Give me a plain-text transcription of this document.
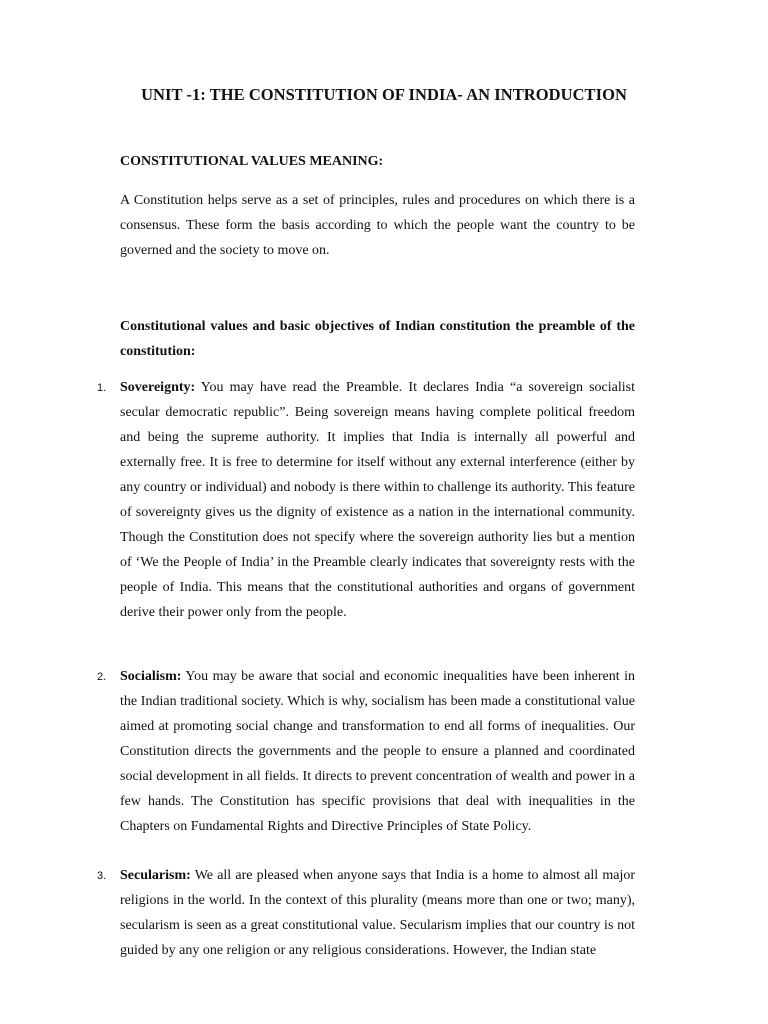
UNIT -1: THE CONSTITUTION OF INDIA- AN INTRODUCTION
CONSTITUTIONAL VALUES MEANING:

A Constitution helps serve as a set of principles, rules and procedures on which there is a consensus. These form the basis according to which the people want the country to be governed and the society to move on.

Constitutional values and basic objectives of Indian constitution the preamble of the constitution:

1. Sovereignty: You may have read the Preamble. It declares India “a sovereign socialist secular democratic republic”. Being sovereign means having complete political freedom and being the supreme authority. It implies that India is internally all powerful and externally free. It is free to determine for itself without any external interference (either by any country or individual) and nobody is there within to challenge its authority. This feature of sovereignty gives us the dignity of existence as a nation in the international community. Though the Constitution does not specify where the sovereign authority lies but a mention of ‘We the People of India’ in the Preamble clearly indicates that sovereignty rests with the people of India. This means that the constitutional authorities and organs of government derive their power only from the people.

2. Socialism: You may be aware that social and economic inequalities have been inherent in the Indian traditional society. Which is why, socialism has been made a constitutional value aimed at promoting social change and transformation to end all forms of inequalities. Our Constitution directs the governments and the people to ensure a planned and coordinated social development in all fields. It directs to prevent concentration of wealth and power in a few hands. The Constitution has specific provisions that deal with inequalities in the Chapters on Fundamental Rights and Directive Principles of State Policy.

3. Secularism: We all are pleased when anyone says that India is a home to almost all major religions in the world. In the context of this plurality (means more than one or two; many), secularism is seen as a great constitutional value. Secularism implies that our country is not guided by any one religion or any religious considerations. However, the Indian state
